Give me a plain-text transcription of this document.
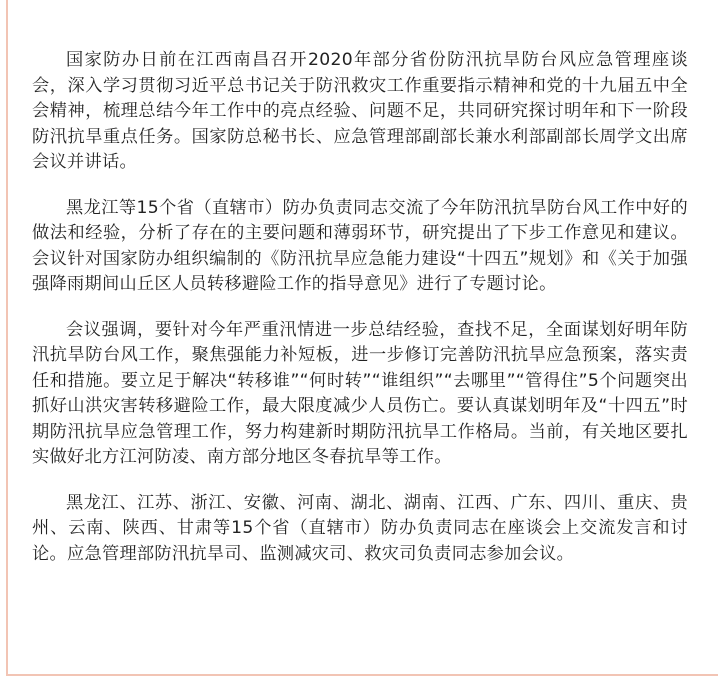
国家防办日前在江西南昌召开2020年部分省份防汛抗旱防台风应急管理座谈会，深入学习贯彻习近平总书记关于防汛救灾工作重要指示精神和党的十九届五中全会精神，梳理总结今年工作中的亮点经验、问题不足，共同研究探讨明年和下一阶段防汛抗旱重点任务。国家防总秘书长、应急管理部副部长兼水利部副部长周学文出席会议并讲话。

黑龙江等15个省（直辖市）防办负责同志交流了今年防汛抗旱防台风工作中好的做法和经验，分析了存在的主要问题和薄弱环节，研究提出了下步工作意见和建议。会议针对国家防办组织编制的《防汛抗旱应急能力建设“十四五”规划》和《关于加强强降雨期间山丘区人员转移避险工作的指导意见》进行了专题讨论。

会议强调，要针对今年严重汛情进一步总结经验，查找不足，全面谋划好明年防汛抗旱防台风工作，聚焦强能力补短板，进一步修订完善防汛抗旱应急预案，落实责任和措施。要立足于解决“转移谁”“何时转”“谁组织”“去哪里”“管得住”5个问题突出抓好山洪灾害转移避险工作，最大限度减少人员伤亡。要认真谋划明年及“十四五”时期防汛抗旱应急管理工作，努力构建新时期防汛抗旱工作格局。当前，有关地区要扎实做好北方江河防凌、南方部分地区冬春抗旱等工作。

黑龙江、江苏、浙江、安徽、河南、湖北、湖南、江西、广东、四川、重庆、贵州、云南、陕西、甘肃等15个省（直辖市）防办负责同志在座谈会上交流发言和讨论。应急管理部防汛抗旱司、监测减灾司、救灾司负责同志参加会议。
